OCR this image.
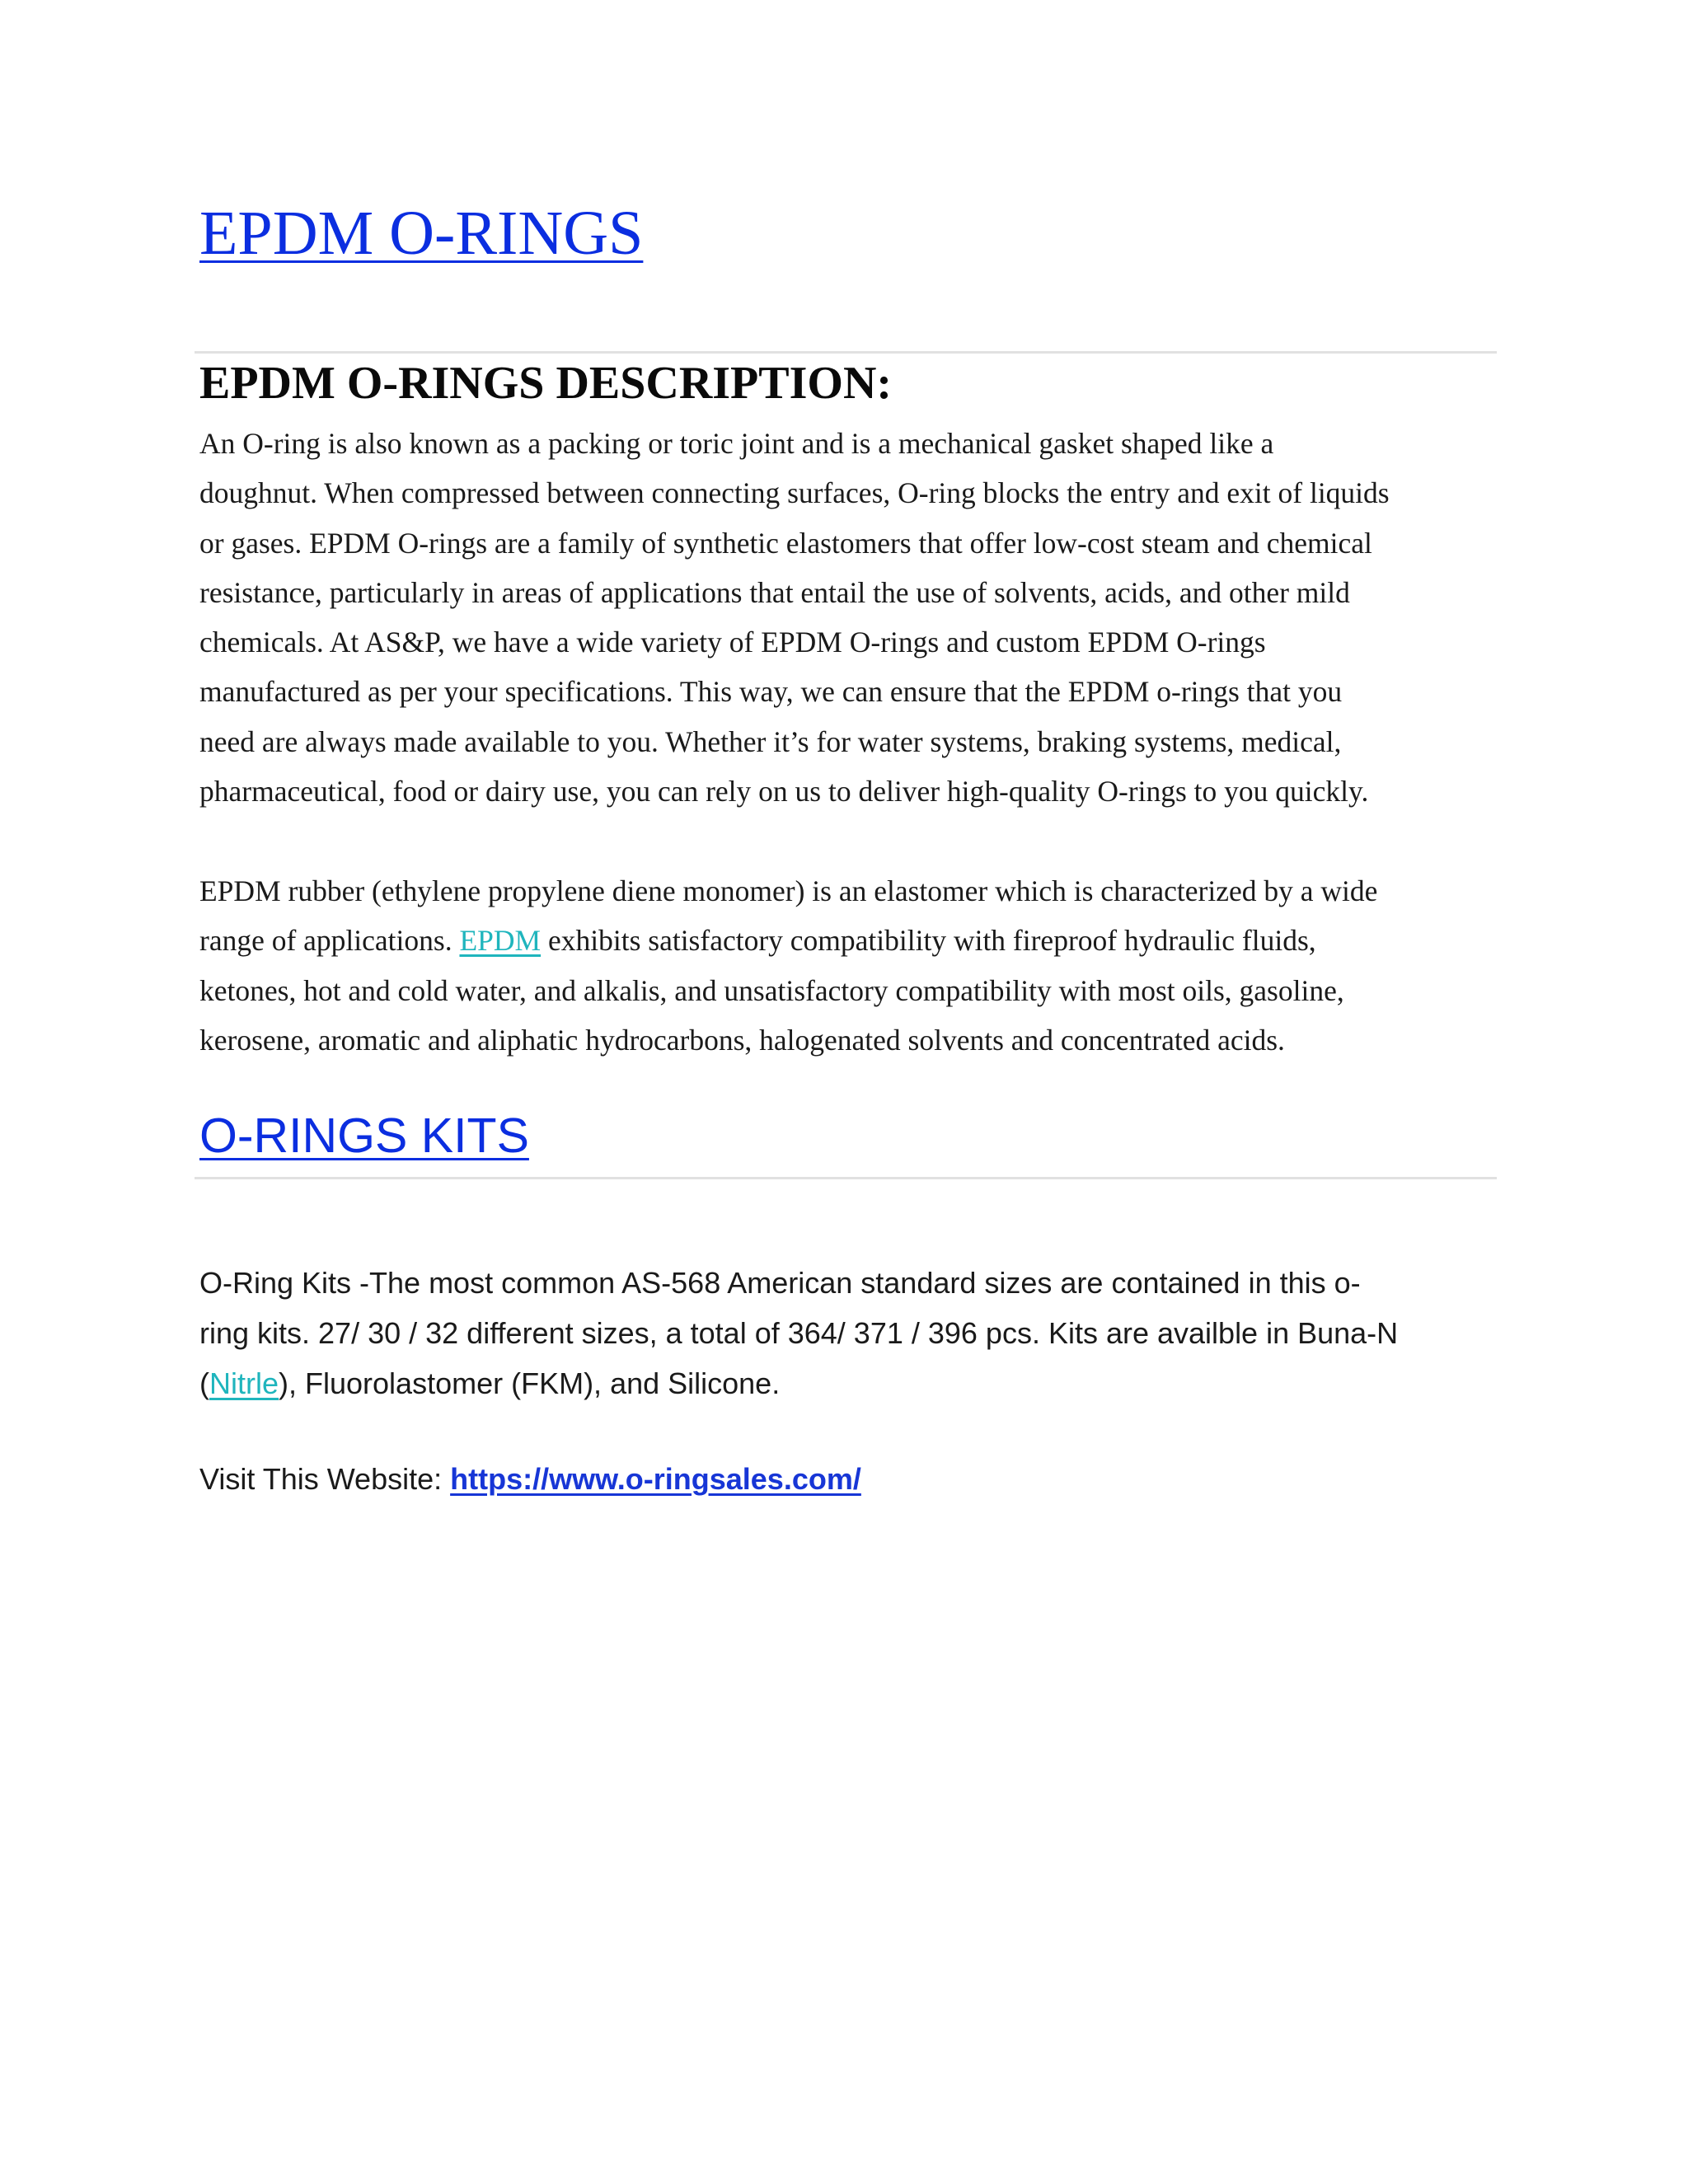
EPDM O-RINGS
EPDM O-RINGS DESCRIPTION:

An O-ring is also known as a packing or toric joint and is a mechanical gasket shaped like a
doughnut. When compressed between connecting surfaces, O-ring blocks the entry and exit of liquids
or gases. EPDM O-rings are a family of synthetic elastomers that offer low-cost steam and chemical
resistance, particularly in areas of applications that entail the use of solvents, acids, and other mild
chemicals. At AS&P, we have a wide variety of EPDM O-rings and custom EPDM O-rings
manufactured as per your specifications. This way, we can ensure that the EPDM o-rings that you
need are always made available to you. Whether it’s for water systems, braking systems, medical,
pharmaceutical, food or dairy use, you can rely on us to deliver high-quality O-rings to you quickly.

EPDM rubber (ethylene propylene diene monomer) is an elastomer which is characterized by a wide
range of applications. EPDM exhibits satisfactory compatibility with fireproof hydraulic fluids,
ketones, hot and cold water, and alkalis, and unsatisfactory compatibility with most oils, gasoline,
kerosene, aromatic and aliphatic hydrocarbons, halogenated solvents and concentrated acids.

O-RINGS KITS

O-Ring Kits -The most common AS-568 American standard sizes are contained in this o-
ring kits. 27/ 30 / 32 different sizes, a total of 364/ 371 / 396 pcs. Kits are availble in Buna-N
(Nitrle), Fluorolastomer (FKM), and Silicone.

Visit This Website: https://www.o-ringsales.com/
